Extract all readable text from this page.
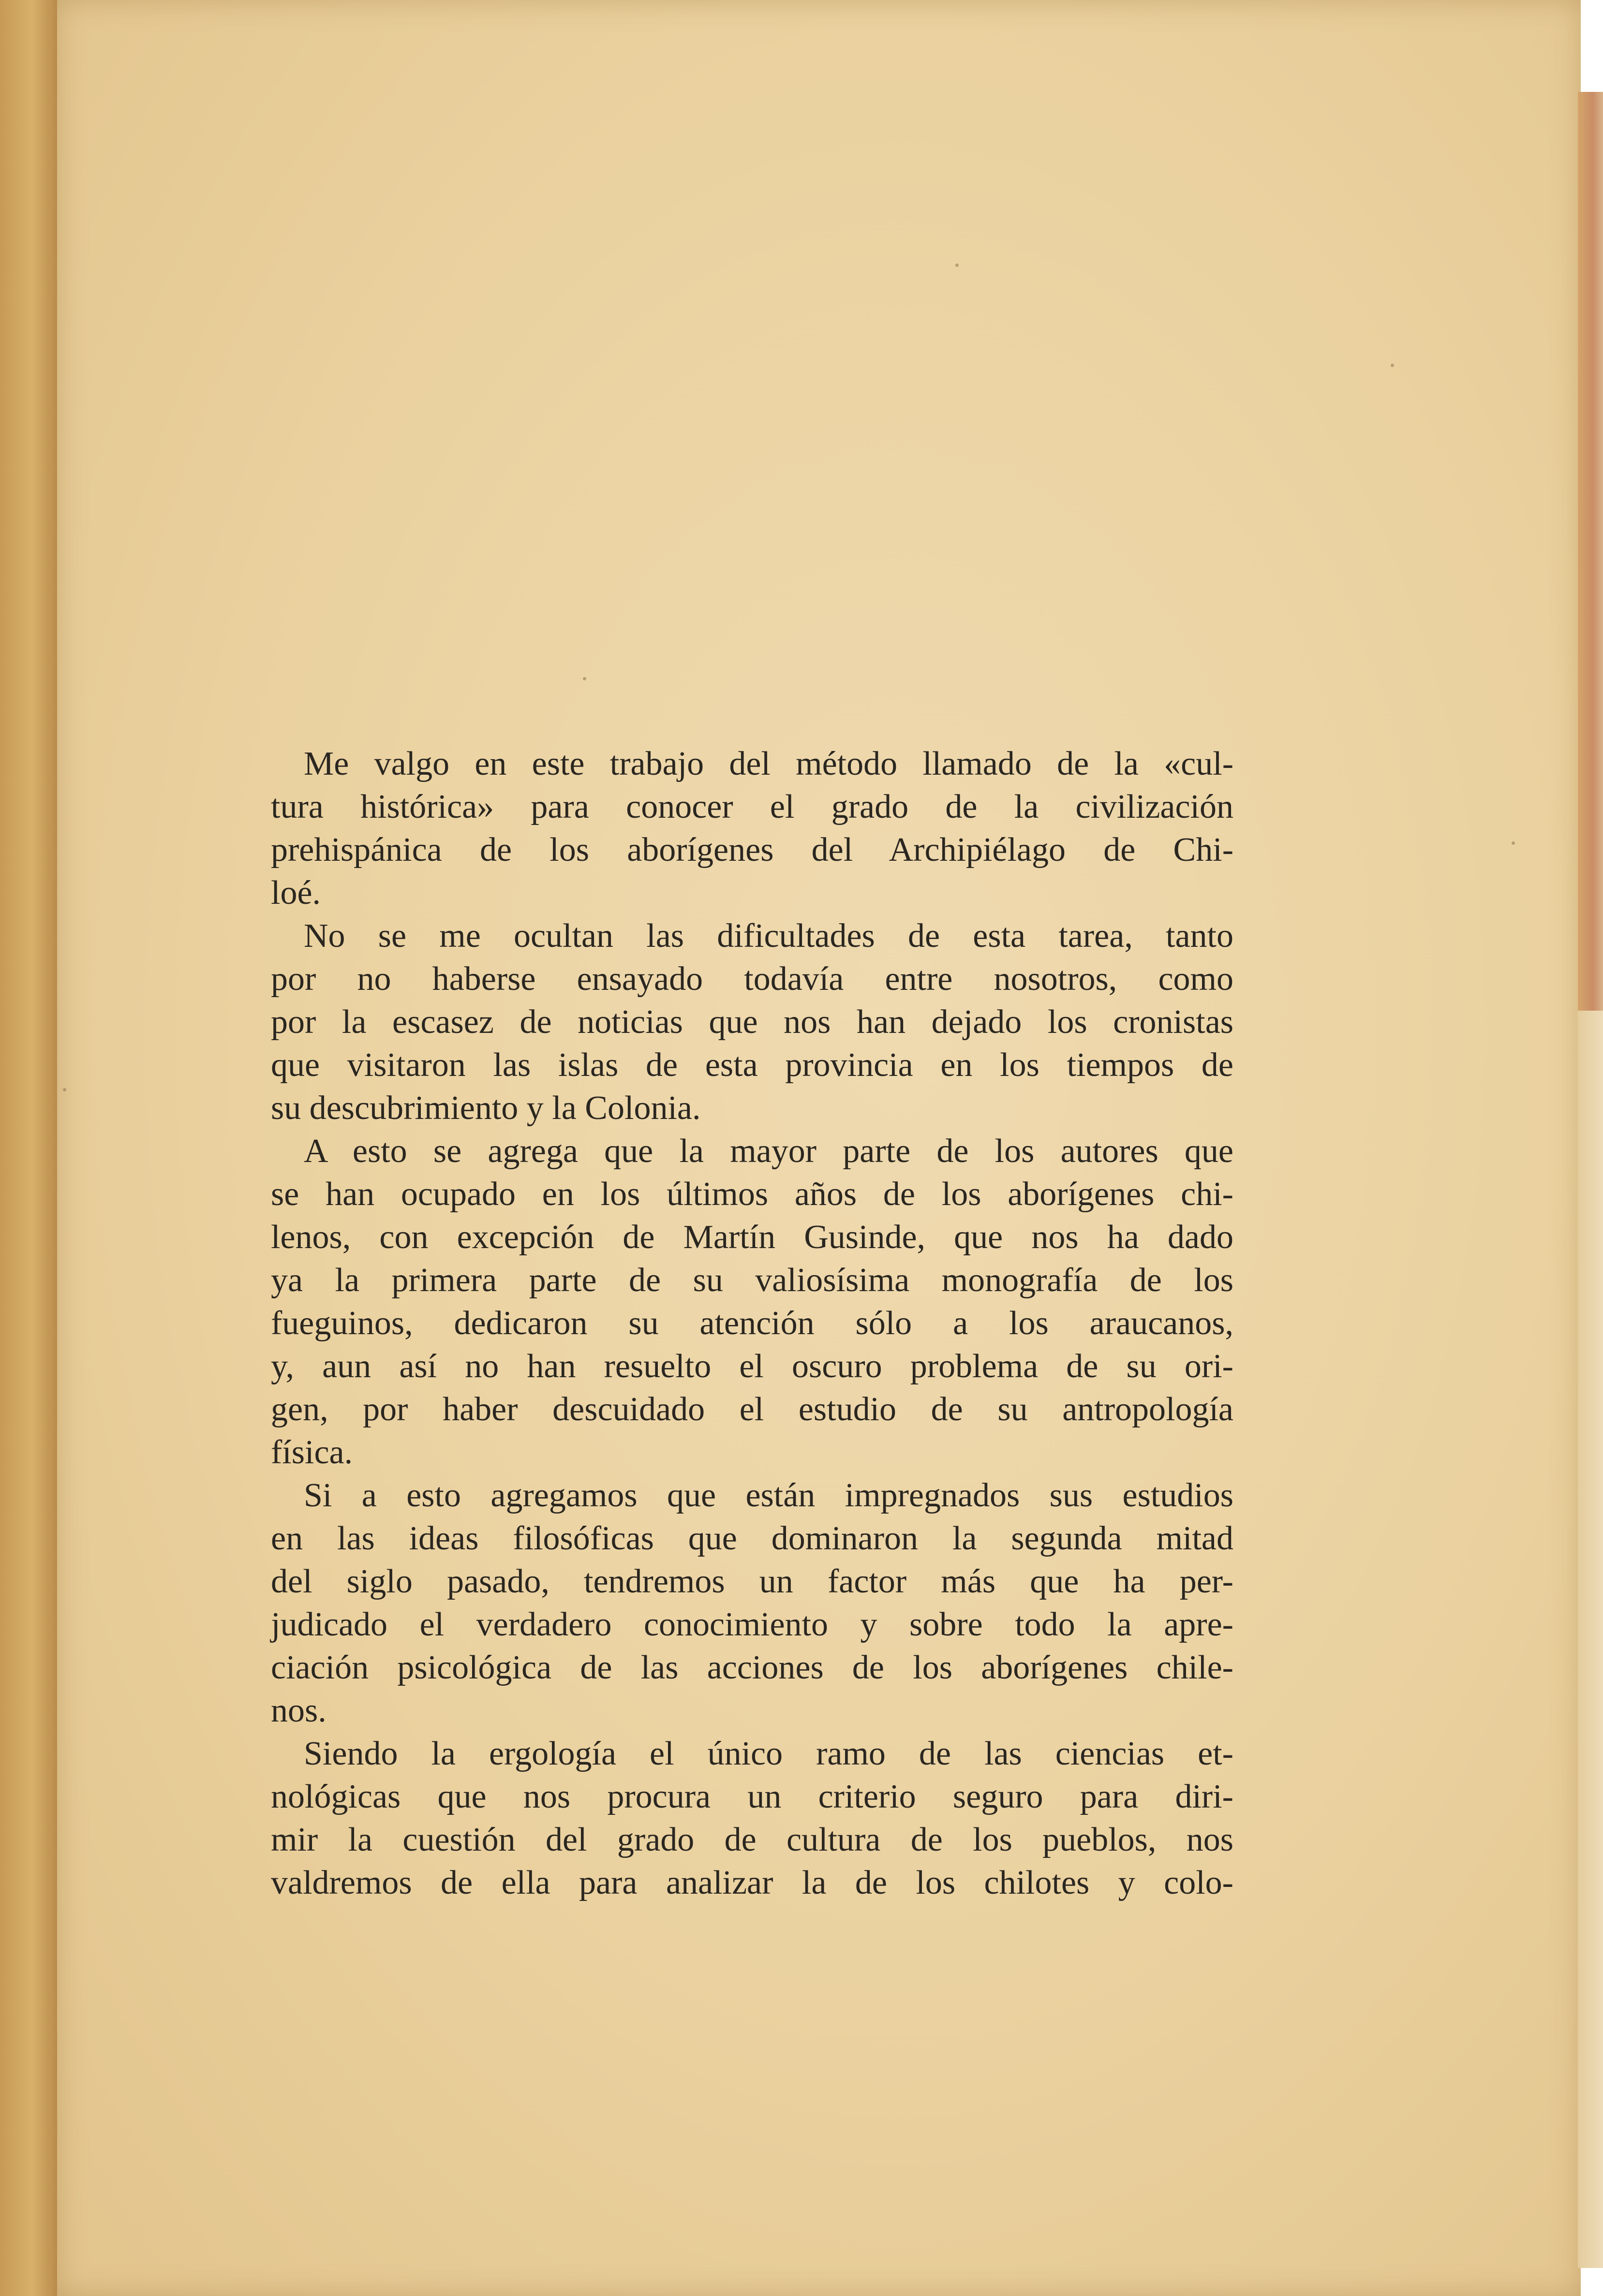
Me valgo en este trabajo del método llamado de la «cul-
tura histórica» para conocer el grado de la civilización
prehispánica de los aborígenes del Archipiélago de Chi-
loé.
No se me ocultan las dificultades de esta tarea, tanto
por no haberse ensayado todavía entre nosotros, como
por la escasez de noticias que nos han dejado los cronistas
que visitaron las islas de esta provincia en los tiempos de
su descubrimiento y la Colonia.
A esto se agrega que la mayor parte de los autores que
se han ocupado en los últimos años de los aborígenes chi-
lenos, con excepción de Martín Gusinde, que nos ha dado
ya la primera parte de su valiosísima monografía de los
fueguinos, dedicaron su atención sólo a los araucanos,
y, aun así no han resuelto el oscuro problema de su ori-
gen, por haber descuidado el estudio de su antropología
física.
Si a esto agregamos que están impregnados sus estudios
en las ideas filosóficas que dominaron la segunda mitad
del siglo pasado, tendremos un factor más que ha per-
judicado el verdadero conocimiento y sobre todo la apre-
ciación psicológica de las acciones de los aborígenes chile-
nos.
Siendo la ergología el único ramo de las ciencias et-
nológicas que nos procura un criterio seguro para diri-
mir la cuestión del grado de cultura de los pueblos, nos
valdremos de ella para analizar la de los chilotes y colo-
